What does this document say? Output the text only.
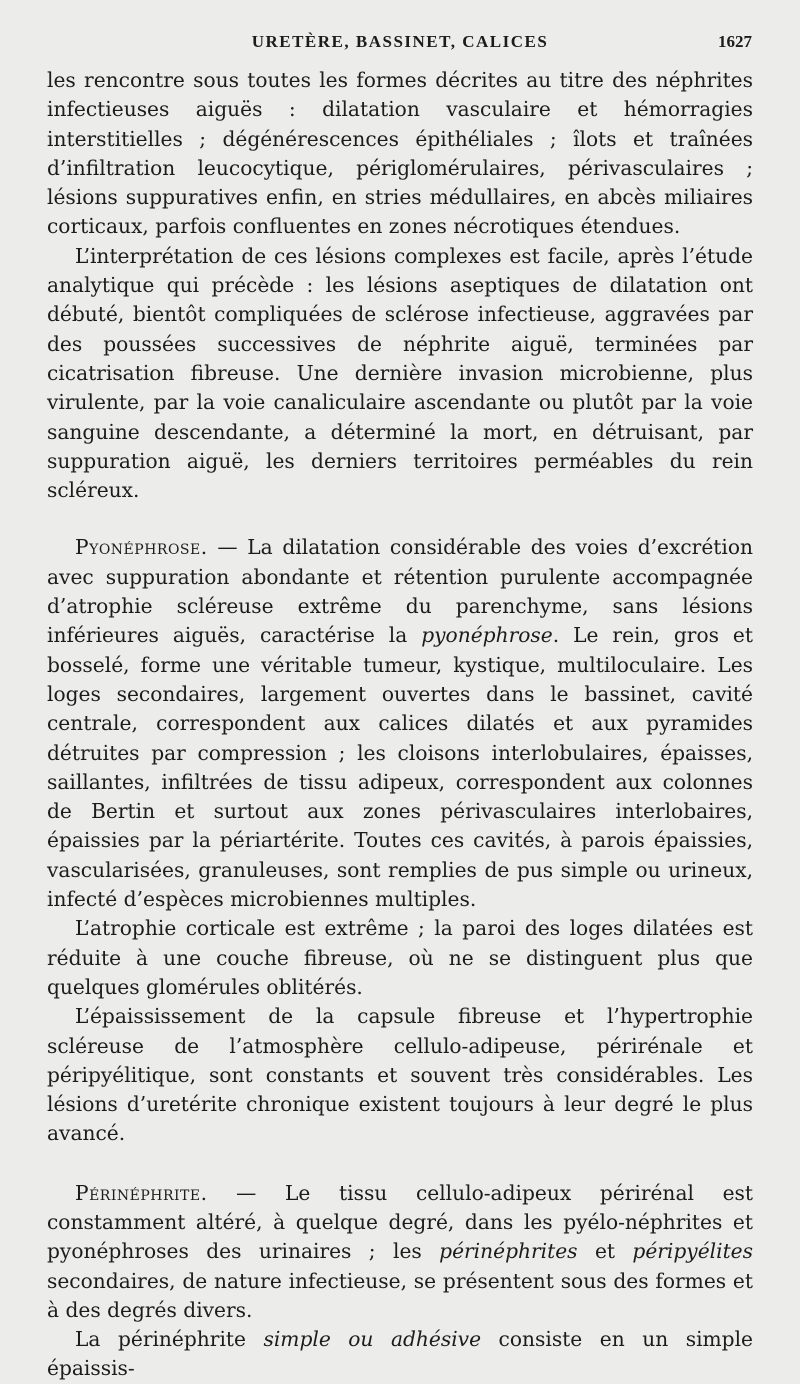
URETÈRE, BASSINET, CALICES	1627

les rencontre sous toutes les formes décrites au titre des néphrites infectieuses aiguës : dilatation vasculaire et hémorragies interstitielles ; dégénérescences épithéliales ; îlots et traînées d’infiltration leucocytique, périglomérulaires, périvasculaires ; lésions suppuratives enfin, en stries médullaires, en abcès miliaires corticaux, parfois confluentes en zones nécrotiques étendues.

L’interprétation de ces lésions complexes est facile, après l’étude analytique qui précède : les lésions aseptiques de dilatation ont débuté, bientôt compliquées de sclérose infectieuse, aggravées par des poussées successives de néphrite aiguë, terminées par cicatrisation fibreuse. Une dernière invasion microbienne, plus virulente, par la voie canaliculaire ascendante ou plutôt par la voie sanguine descendante, a déterminé la mort, en détruisant, par suppuration aiguë, les derniers territoires perméables du rein scléreux.

Pyonéphrose. — La dilatation considérable des voies d’excrétion avec suppuration abondante et rétention purulente accompagnée d’atrophie scléreuse extrême du parenchyme, sans lésions inférieures aiguës, caractérise la pyonéphrose. Le rein, gros et bosselé, forme une véritable tumeur, kystique, multiloculaire. Les loges secondaires, largement ouvertes dans le bassinet, cavité centrale, correspondent aux calices dilatés et aux pyramides détruites par compression ; les cloisons interlobulaires, épaisses, saillantes, infiltrées de tissu adipeux, correspondent aux colonnes de Bertin et surtout aux zones périvasculaires interlobaires, épaissies par la périartérite. Toutes ces cavités, à parois épaissies, vascularisées, granuleuses, sont remplies de pus simple ou urineux, infecté d’espèces microbiennes multiples.

L’atrophie corticale est extrême ; la paroi des loges dilatées est réduite à une couche fibreuse, où ne se distinguent plus que quelques glomérules oblitérés.

L’épaississement de la capsule fibreuse et l’hypertrophie scléreuse de l’atmosphère cellulo-adipeuse, périrénale et péripyélitique, sont constants et souvent très considérables. Les lésions d’uretérite chronique existent toujours à leur degré le plus avancé.

Périnéphrite. — Le tissu cellulo-adipeux périrénal est constamment altéré, à quelque degré, dans les pyélo-néphrites et pyonéphroses des urinaires ; les périnéphrites et péripyélites secondaires, de nature infectieuse, se présentent sous des formes et à des degrés divers.

La périnéphrite simple ou adhésive consiste en un simple épaissis-
